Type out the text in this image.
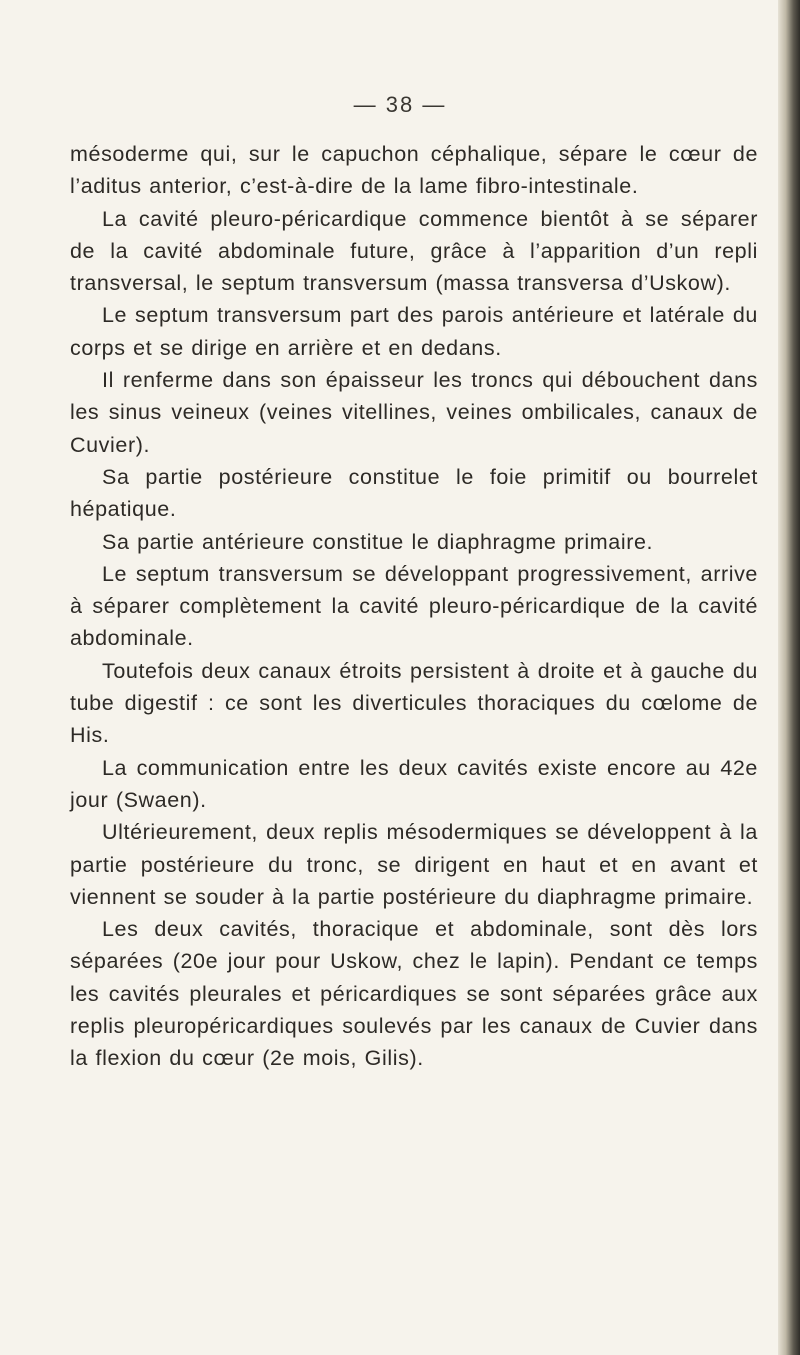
— 38 —

mésoderme qui, sur le capuchon céphalique, sépare le cœur de l’aditus anterior, c’est-à-dire de la lame fibro-intestinale.

La cavité pleuro-péricardique commence bientôt à se séparer de la cavité abdominale future, grâce à l’apparition d’un repli transversal, le septum transversum (massa transversa d’Uskow).

Le septum transversum part des parois antérieure et latérale du corps et se dirige en arrière et en dedans.

Il renferme dans son épaisseur les troncs qui débouchent dans les sinus veineux (veines vitellines, veines ombilicales, canaux de Cuvier).

Sa partie postérieure constitue le foie primitif ou bourrelet hépatique.

Sa partie antérieure constitue le diaphragme primaire.

Le septum transversum se développant progressivement, arrive à séparer complètement la cavité pleuro-péricardique de la cavité abdominale.

Toutefois deux canaux étroits persistent à droite et à gauche du tube digestif : ce sont les diverticules thoraciques du cœlome de His.

La communication entre les deux cavités existe encore au 42e jour (Swaen).

Ultérieurement, deux replis mésodermiques se développent à la partie postérieure du tronc, se dirigent en haut et en avant et viennent se souder à la partie postérieure du diaphragme primaire.

Les deux cavités, thoracique et abdominale, sont dès lors séparées (20e jour pour Uskow, chez le lapin). Pendant ce temps les cavités pleurales et péricardiques se sont séparées grâce aux replis pleuropéricardiques soulevés par les canaux de Cuvier dans la flexion du cœur (2e mois, Gilis).
